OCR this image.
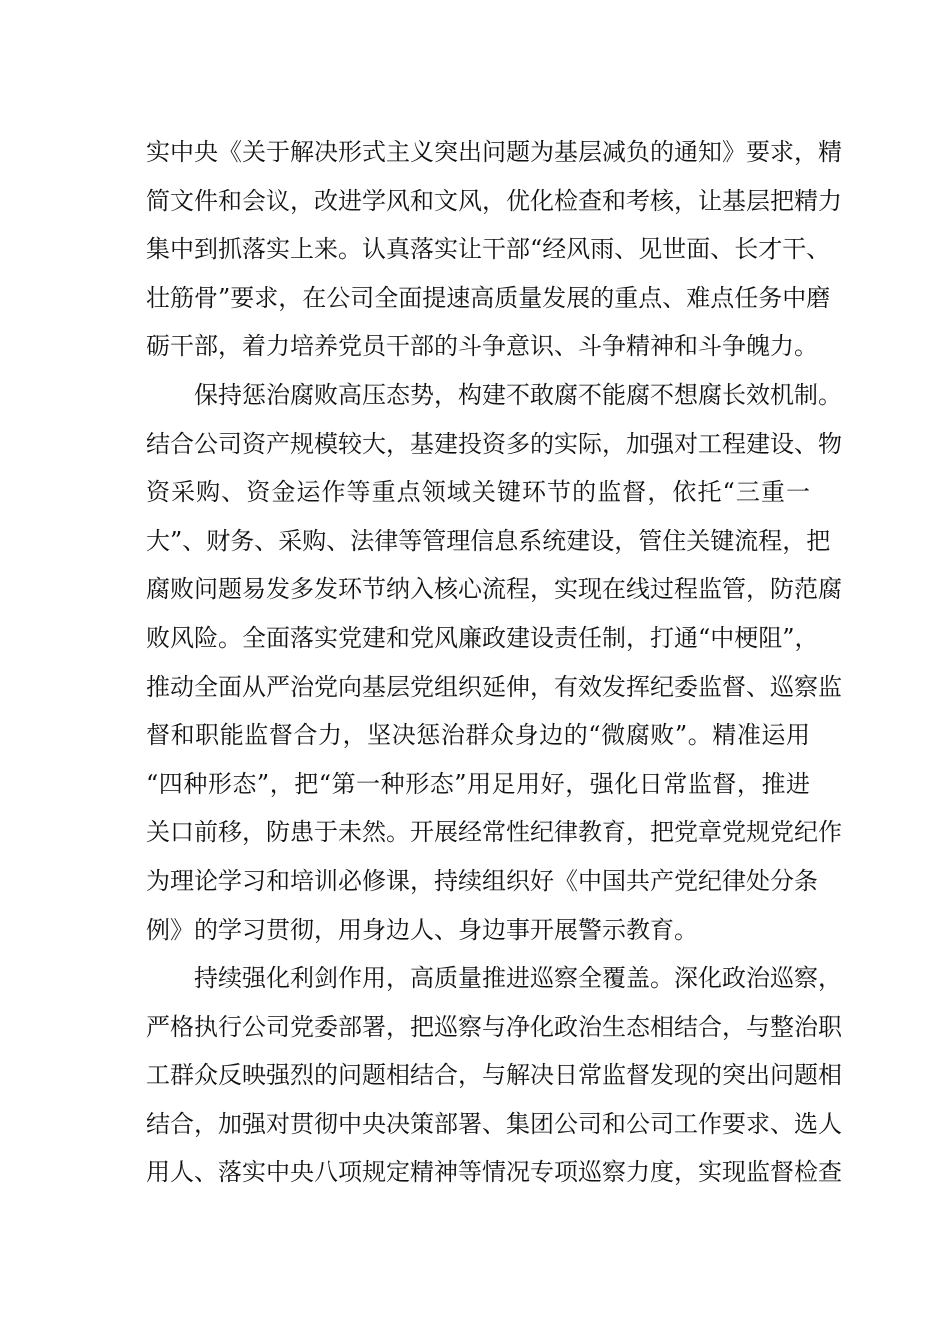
实中央《关于解决形式主义突出问题为基层减负的通知》要求，精
简文件和会议，改进学风和文风，优化检查和考核，让基层把精力
集中到抓落实上来。认真落实让干部“经风雨、见世面、长才干、
壮筋骨”要求，在公司全面提速高质量发展的重点、难点任务中磨
砺干部，着力培养党员干部的斗争意识、斗争精神和斗争魄力。
保持惩治腐败高压态势，构建不敢腐不能腐不想腐长效机制。
结合公司资产规模较大，基建投资多的实际，加强对工程建设、物
资采购、资金运作等重点领域关键环节的监督，依托“三重一
大”、财务、采购、法律等管理信息系统建设，管住关键流程，把
腐败问题易发多发环节纳入核心流程，实现在线过程监管，防范腐
败风险。全面落实党建和党风廉政建设责任制，打通“中梗阻”，
推动全面从严治党向基层党组织延伸，有效发挥纪委监督、巡察监
督和职能监督合力，坚决惩治群众身边的“微腐败”。精准运用
“四种形态”，把“第一种形态”用足用好，强化日常监督，推进
关口前移，防患于未然。开展经常性纪律教育，把党章党规党纪作
为理论学习和培训必修课，持续组织好《中国共产党纪律处分条
例》的学习贯彻，用身边人、身边事开展警示教育。
持续强化利剑作用，高质量推进巡察全覆盖。深化政治巡察，
严格执行公司党委部署，把巡察与净化政治生态相结合，与整治职
工群众反映强烈的问题相结合，与解决日常监督发现的突出问题相
结合，加强对贯彻中央决策部署、集团公司和公司工作要求、选人
用人、落实中央八项规定精神等情况专项巡察力度，实现监督检查
